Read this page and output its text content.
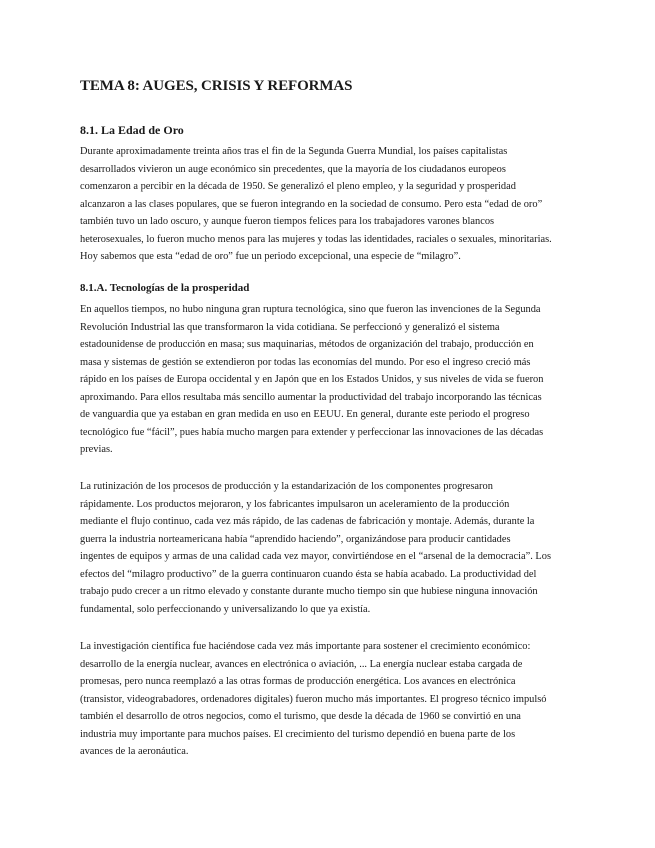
TEMA 8: AUGES, CRISIS Y REFORMAS
8.1. La Edad de Oro
Durante aproximadamente treinta años tras el fin de la Segunda Guerra Mundial, los países capitalistas
desarrollados vivieron un auge económico sin precedentes, que la mayoría de los ciudadanos europeos
comenzaron a percibir en la década de 1950. Se generalizó el pleno empleo, y la seguridad y prosperidad
alcanzaron a las clases populares, que se fueron integrando en la sociedad de consumo. Pero esta “edad de oro”
también tuvo un lado oscuro, y aunque fueron tiempos felices para los trabajadores varones blancos
heterosexuales, lo fueron mucho menos para las mujeres y todas las identidades, raciales o sexuales, minoritarias.
Hoy sabemos que esta “edad de oro” fue un periodo excepcional, una especie de “milagro”.
8.1.A. Tecnologías de la prosperidad
En aquellos tiempos, no hubo ninguna gran ruptura tecnológica, sino que fueron las invenciones de la Segunda
Revolución Industrial las que transformaron la vida cotidiana. Se perfeccionó y generalizó el sistema
estadounidense de producción en masa; sus maquinarias, métodos de organización del trabajo, producción en
masa y sistemas de gestión se extendieron por todas las economías del mundo. Por eso el ingreso creció más
rápido en los países de Europa occidental y en Japón que en los Estados Unidos, y sus niveles de vida se fueron
aproximando. Para ellos resultaba más sencillo aumentar la productividad del trabajo incorporando las técnicas
de vanguardia que ya estaban en gran medida en uso en EEUU. En general, durante este periodo el progreso
tecnológico fue “fácil”, pues había mucho margen para extender y perfeccionar las innovaciones de las décadas
previas.
La rutinización de los procesos de producción y la estandarización de los componentes progresaron
rápidamente. Los productos mejoraron, y los fabricantes impulsaron un aceleramiento de la producción
mediante el flujo continuo, cada vez más rápido, de las cadenas de fabricación y montaje. Además, durante la
guerra la industria norteamericana había “aprendido haciendo”, organizándose para producir cantidades
ingentes de equipos y armas de una calidad cada vez mayor, convirtiéndose en el “arsenal de la democracia”. Los
efectos del “milagro productivo” de la guerra continuaron cuando ésta se había acabado. La productividad del
trabajo pudo crecer a un ritmo elevado y constante durante mucho tiempo sin que hubiese ninguna innovación
fundamental, solo perfeccionando y universalizando lo que ya existía.
La investigación científica fue haciéndose cada vez más importante para sostener el crecimiento económico:
desarrollo de la energía nuclear, avances en electrónica o aviación, ... La energía nuclear estaba cargada de
promesas, pero nunca reemplazó a las otras formas de producción energética. Los avances en electrónica
(transistor, videograbadores, ordenadores digitales) fueron mucho más importantes. El progreso técnico impulsó
también el desarrollo de otros negocios, como el turismo, que desde la década de 1960 se convirtió en una
industria muy importante para muchos países. El crecimiento del turismo dependió en buena parte de los
avances de la aeronáutica.
